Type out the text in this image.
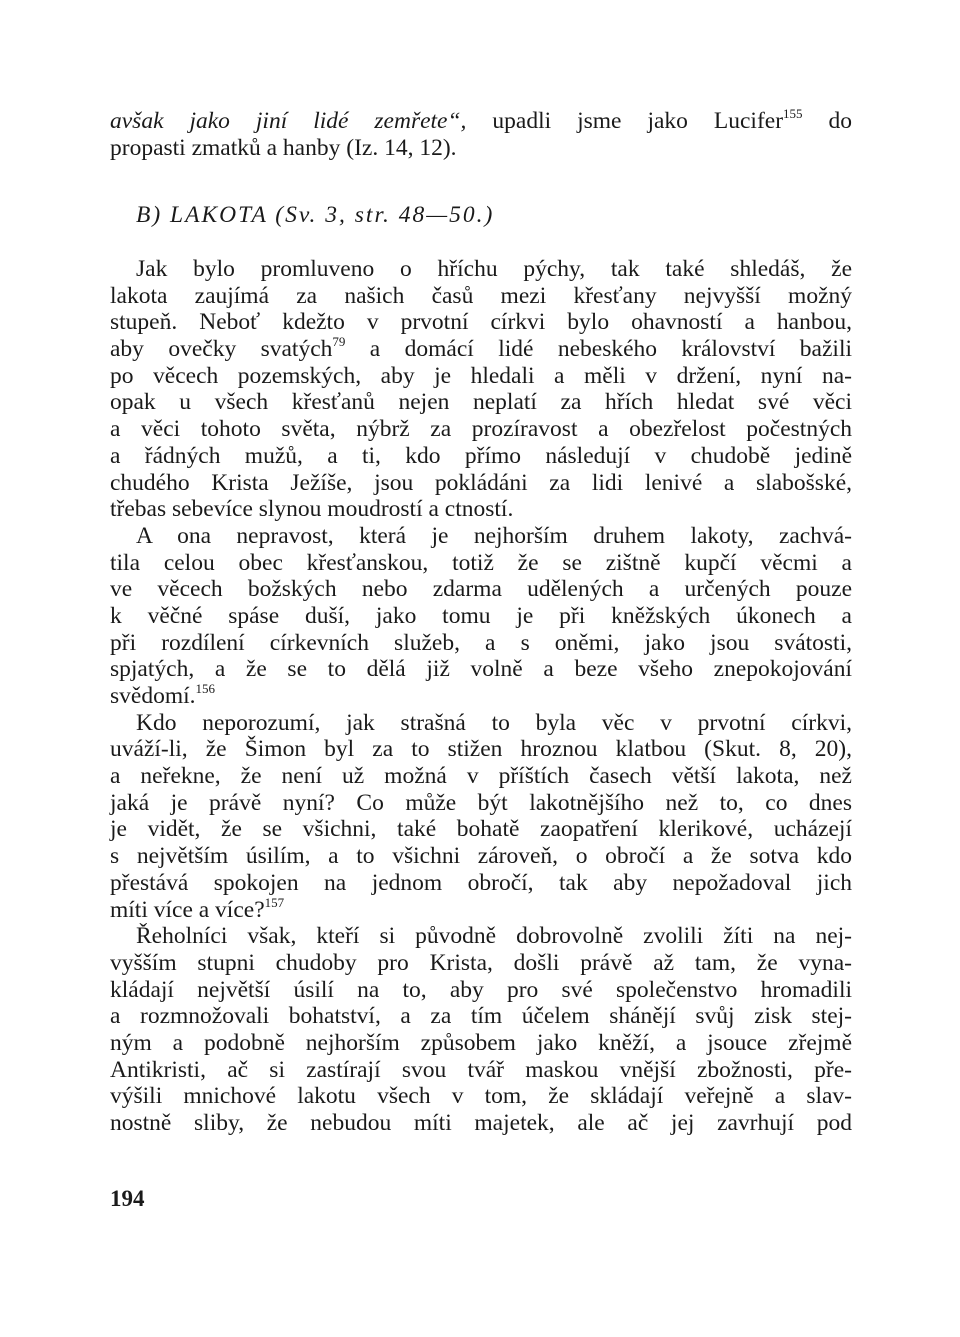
avšak jako jiní lidé zemřete“, upadli jsme jako Lucifer$^{155}$ do
propasti zmatků a hanby (Iz. 14, 12).
B) LAKOTA (Sv. 3, str. 48—50.)
Jak bylo promluveno o hříchu pýchy, tak také shledáš, že
lakota zaujímá za našich časů mezi křesťany nejvyšší možný
stupeň. Neboť kdežto v prvotní církvi bylo ohavností a hanbou,
aby ovečky svatých$^{79}$ a domácí lidé nebeského království bažili
po věcech pozemských, aby je hledali a měli v držení, nyní na-
opak u všech křesťanů nejen neplatí za hřích hledat své věci
a věci tohoto světa, nýbrž za prozíravost a obezřelost počestných
a řádných mužů, a ti, kdo přímo následují v chudobě jedině
chudého Krista Ježíše, jsou pokládáni za lidi lenivé a slabošské,
třebas sebevíce slynou moudrostí a ctností.
A ona nepravost, která je nejhorším druhem lakoty, zachvá-
tila celou obec křesťanskou, totiž že se zištně kupčí věcmi a
ve věcech božských nebo zdarma udělených a určených pouze
k věčné spáse duší, jako tomu je při kněžských úkonech a
při rozdílení církevních služeb, a s oněmi, jako jsou svátosti,
spjatých, a že se to dělá již volně a beze všeho znepokojování
svědomí.$^{156}$
Kdo neporozumí, jak strašná to byla věc v prvotní církvi,
uváží-li, že Šimon byl za to stižen hroznou klatbou (Skut. 8, 20),
a neřekne, že není už možná v příštích časech větší lakota, než
jaká je právě nyní? Co může být lakotnějšího než to, co dnes
je vidět, že se všichni, také bohatě zaopatření klerikové, ucházejí
s největším úsilím, a to všichni zároveň, o obročí a že sotva kdo
přestává spokojen na jednom obročí, tak aby nepožadoval jich
míti více a více?$^{157}$
Řeholníci však, kteří si původně dobrovolně zvolili žíti na nej-
vyšším stupni chudoby pro Krista, došli právě až tam, že vyna-
kládají největší úsilí na to, aby pro své společenstvo hromadili
a rozmnožovali bohatství, a za tím účelem shánějí svůj zisk stej-
ným a podobně nejhorším způsobem jako kněží, a jsouce zřejmě
Antikristi, ač si zastírají svou tvář maskou vnější zbožnosti, pře-
výšili mnichové lakotu všech v tom, že skládají veřejně a slav-
nostně sliby, že nebudou míti majetek, ale ač jej zavrhují pod
194
